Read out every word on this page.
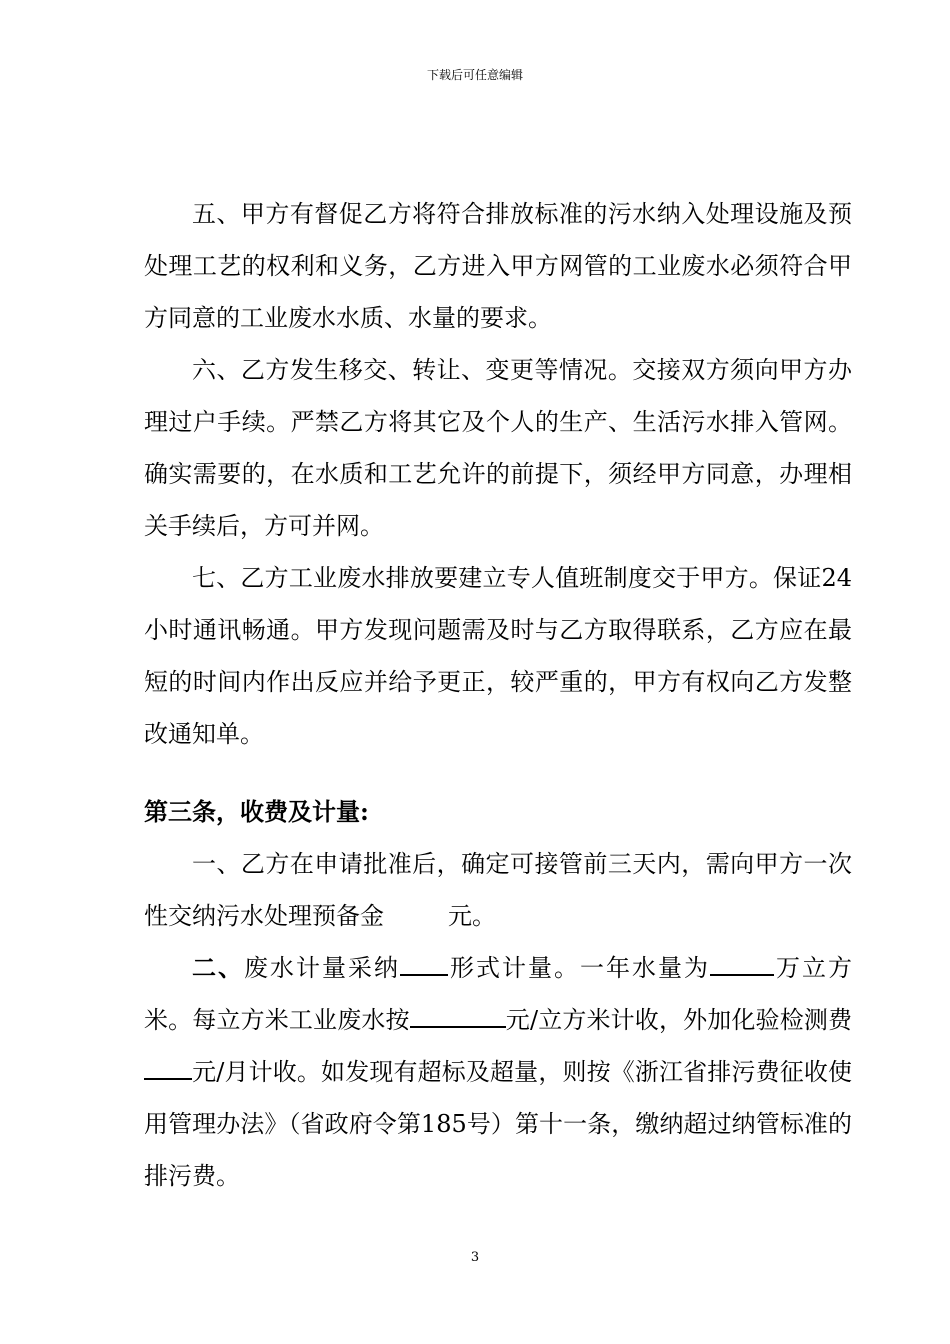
下载后可任意编辑

五、甲方有督促乙方将符合排放标准的污水纳入处理设施及预处理工艺的权利和义务，乙方进入甲方网管的工业废水必须符合甲方同意的工业废水水质、水量的要求。

六、乙方发生移交、转让、变更等情况。交接双方须向甲方办理过户手续。严禁乙方将其它及个人的生产、生活污水排入管网。确实需要的，在水质和工艺允许的前提下，须经甲方同意，办理相关手续后，方可并网。

七、乙方工业废水排放要建立专人值班制度交于甲方。保证24小时通讯畅通。甲方发现问题需及时与乙方取得联系，乙方应在最短的时间内作出反应并给予更正，较严重的，甲方有权向乙方发整改通知单。

第三条，收费及计量:

一、乙方在申请批准后，确定可接管前三天内，需向甲方一次性交纳污水处理预备金	元。

二、废水计量采纳 形式计量。一年水量为	万立方米。每立方米工业废水按	元/立方米计收，外加化验检测费元/月计收。如发现有超标及超量，则按《浙江省排污费征收使用管理办法》（省政府令第185号）第十一条，缴纳超过纳管标准的排污费。

3
